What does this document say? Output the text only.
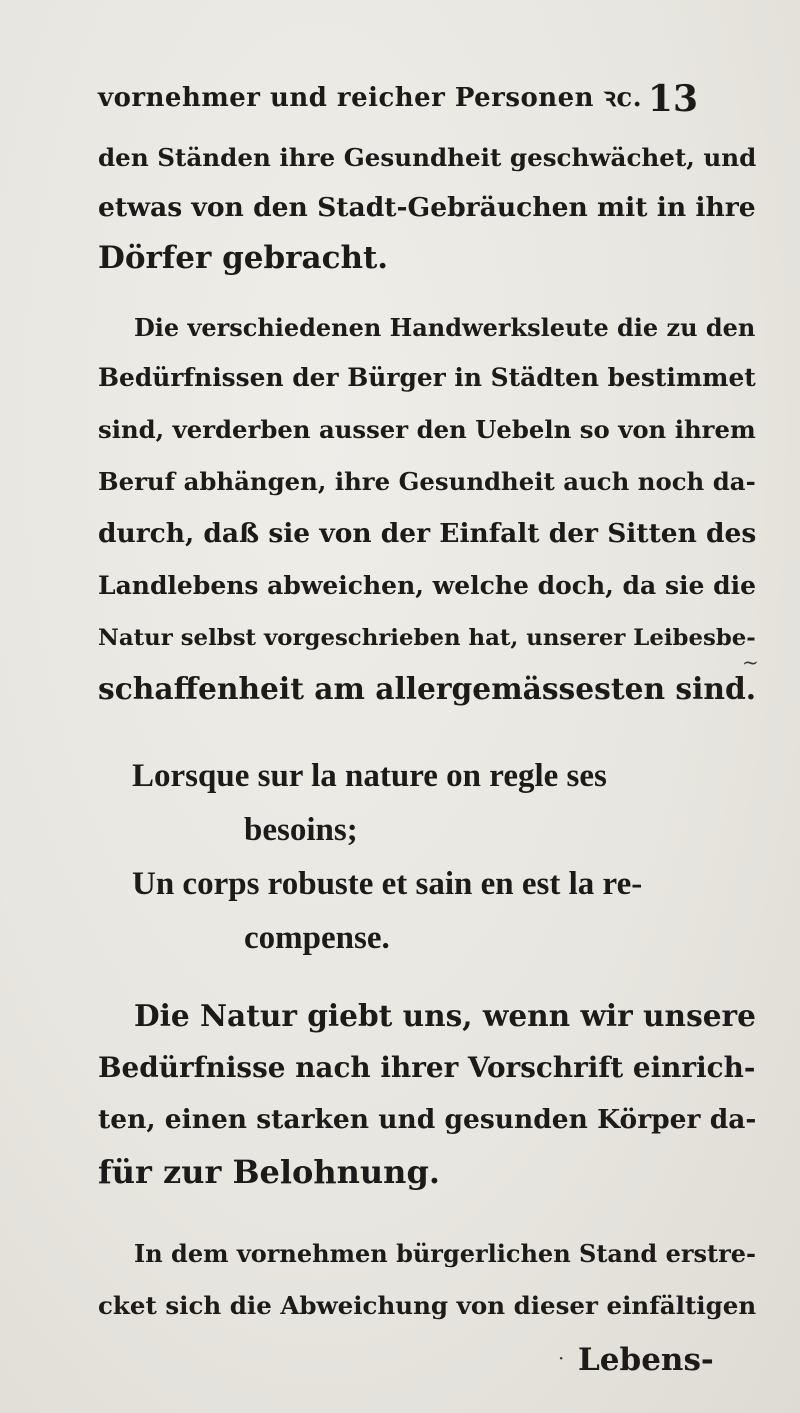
vornehmer und reicher Personen ꝛc. 13
den Ständen ihre Gesundheit geschwächet, und
etwas von den Stadt-Gebräuchen mit in ihre
Dörfer gebracht.
Die verschiedenen Handwerksleute die zu den
Bedürfnissen der Bürger in Städten bestimmet
sind, verderben ausser den Uebeln so von ihrem
Beruf abhängen, ihre Gesundheit auch noch da-
durch, daß sie von der Einfalt der Sitten des
Landlebens abweichen, welche doch, da sie die
Natur selbst vorgeschrieben hat, unserer Leibesbe-
schaffenheit am allergemässesten sind.
Lorsque sur la nature on regle ses
besoins;
Un corps robuste et sain en est la re-
compense.
Die Natur giebt uns, wenn wir unsere
Bedürfnisse nach ihrer Vorschrift einrich-
ten, einen starken und gesunden Körper da-
für zur Belohnung.
In dem vornehmen bürgerlichen Stand erstre-
cket sich die Abweichung von dieser einfältigen
Lebens-
~
·
